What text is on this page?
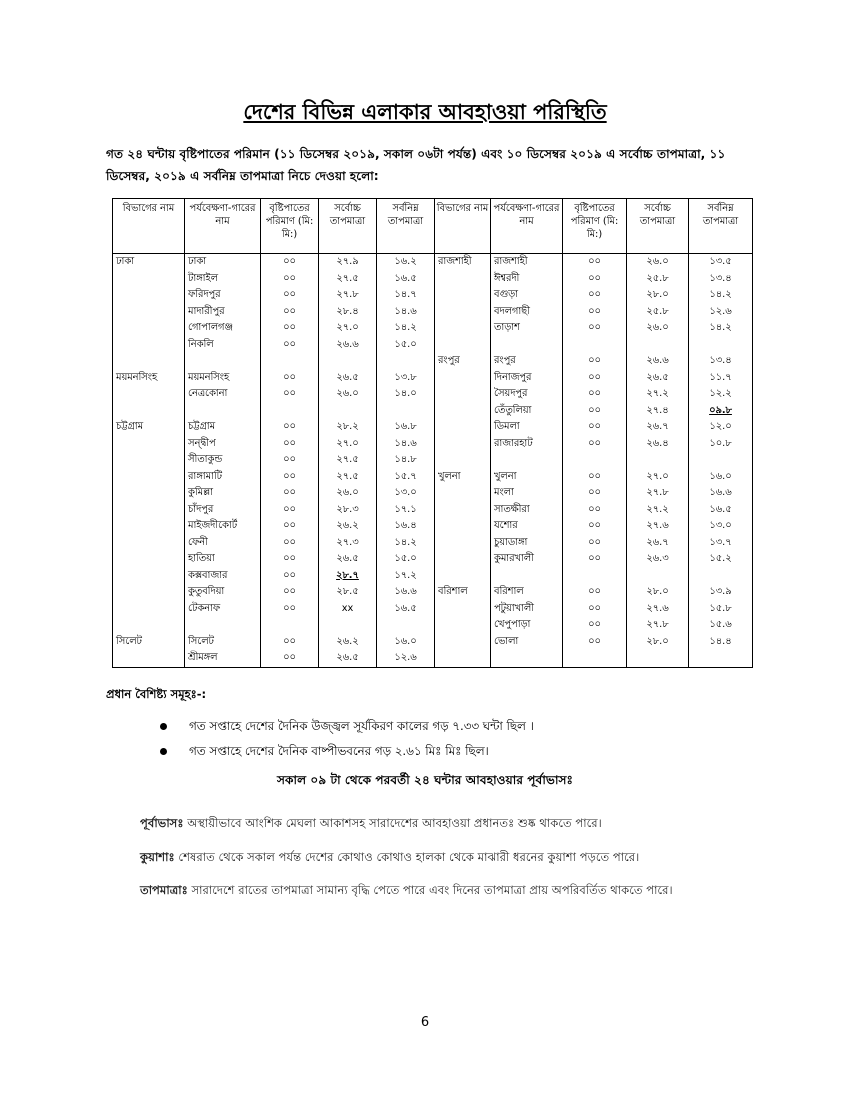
দেশের বিভিন্ন এলাকার আবহাওয়া পরিস্থিতি
গত ২৪ ঘন্টায় বৃষ্টিপাতের পরিমান (১১ ডিসেম্বর ২০১৯, সকাল ০৬টা পর্যন্ত) এবং ১০ ডিসেম্বর ২০১৯ এ সর্বোচ্চ তাপমাত্রা, ১১ ডিসেম্বর, ২০১৯ এ সর্বনিম্ন তাপমাত্রা নিচে দেওয়া হলো:
বিভাগের নাম	পর্যবেক্ষণা-গারের নাম	বৃষ্টিপাতের পরিমাণ (মি: মি:)	সর্বোচ্চ তাপমাত্রা	সর্বনিম্ন তাপমাত্রা	বিভাগের নাম	পর্যবেক্ষণা-গারের নাম	বৃষ্টিপাতের পরিমাণ (মি: মি:)	সর্বোচ্চ তাপমাত্রা	সর্বনিম্ন তাপমাত্রা
ঢাকা	ঢাকা	০০	২৭.৯	১৬.২	রাজশাহী	রাজশাহী	০০	২৬.০	১৩.৫
	টাঙ্গাইল	০০	২৭.৫	১৬.৫		ঈশ্বরদী	০০	২৫.৮	১৩.৪
	ফরিদপুর	০০	২৭.৮	১৪.৭		বগুড়া	০০	২৮.০	১৪.২
	মাদারীপুর	০০	২৮.৪	১৪.৬		বদলগাছী	০০	২৫.৮	১২.৬
	গোপালগঞ্জ	০০	২৭.০	১৪.২		তাড়াশ	০০	২৬.০	১৪.২
	নিকলি	০০	২৬.৬	১৫.০					
					রংপুর	রংপুর	০০	২৬.৬	১৩.৪
ময়মনসিংহ	ময়মনসিংহ	০০	২৬.৫	১৩.৮		দিনাজপুর	০০	২৬.৫	১১.৭
	নেত্রকোনা	০০	২৬.০	১৪.০		সৈয়দপুর	০০	২৭.২	১২.২
						তেঁতুলিয়া	০০	২৭.৪	০৯.৮
চট্টগ্রাম	চট্টগ্রাম	০০	২৮.২	১৬.৮		ডিমলা	০০	২৬.৭	১২.০
	সন্দ্বীপ	০০	২৭.০	১৪.৬		রাজারহাট	০০	২৬.৪	১০.৮
	সীতাকুন্ড	০০	২৭.৫	১৪.৮					
	রাঙ্গামাটি	০০	২৭.৫	১৫.৭	খুলনা	খুলনা	০০	২৭.০	১৬.০
	কুমিল্লা	০০	২৬.০	১৩.০		মংলা	০০	২৭.৮	১৬.৬
	চাঁদপুর	০০	২৮.৩	১৭.১		সাতক্ষীরা	০০	২৭.২	১৬.৫
	মাইজদীকোর্ট	০০	২৬.২	১৬.৪		যশোর	০০	২৭.৬	১৩.০
	ফেনী	০০	২৭.৩	১৪.২		চুয়াডাঙ্গা	০০	২৬.৭	১৩.৭
	হাতিয়া	০০	২৬.৫	১৫.০		কুমারখালী	০০	২৬.৩	১৫.২
	কক্সবাজার	০০	২৮.৭	১৭.২					
	কুতুবদিয়া	০০	২৮.৫	১৬.৬	বরিশাল	বরিশাল	০০	২৮.০	১৩.৯
	টেকনাফ	০০	xx	১৬.৫		পটুয়াখালী	০০	২৭.৬	১৫.৮
						খেপুপাড়া	০০	২৭.৮	১৫.৬
সিলেট	সিলেট	০০	২৬.২	১৬.০		ভোলা	০০	২৮.০	১৪.৪
	শ্রীমঙ্গল	০০	২৬.৫	১২.৬					
প্রধান বৈশিষ্ট্য সমূহঃ-:
গত সপ্তাহে দেশের দৈনিক উজ্জ্বল সূর্যকিরণ কালের গড় ৭.৩৩ ঘন্টা ছিল ।
গত সপ্তাহে দেশের দৈনিক বাষ্পীভবনের গড় ২.৬১ মিঃ মিঃ ছিল।
সকাল ০৯ টা থেকে পরবর্তী ২৪ ঘন্টার আবহাওয়ার পূর্বাভাসঃ
পূর্বাভাসঃ অস্থায়ীভাবে আংশিক মেঘলা আকাশসহ সারাদেশের আবহাওয়া প্রধানতঃ শুষ্ক থাকতে পারে।
কুয়াশাঃ শেষরাত থেকে সকাল পর্যন্ত দেশের কোথাও কোথাও হালকা থেকে মাঝারী ধরনের কুয়াশা পড়তে পারে।
তাপমাত্রাঃ সারাদেশে রাতের তাপমাত্রা সামান্য বৃদ্ধি পেতে পারে এবং দিনের তাপমাত্রা প্রায় অপরিবর্তিত থাকতে পারে।
6
